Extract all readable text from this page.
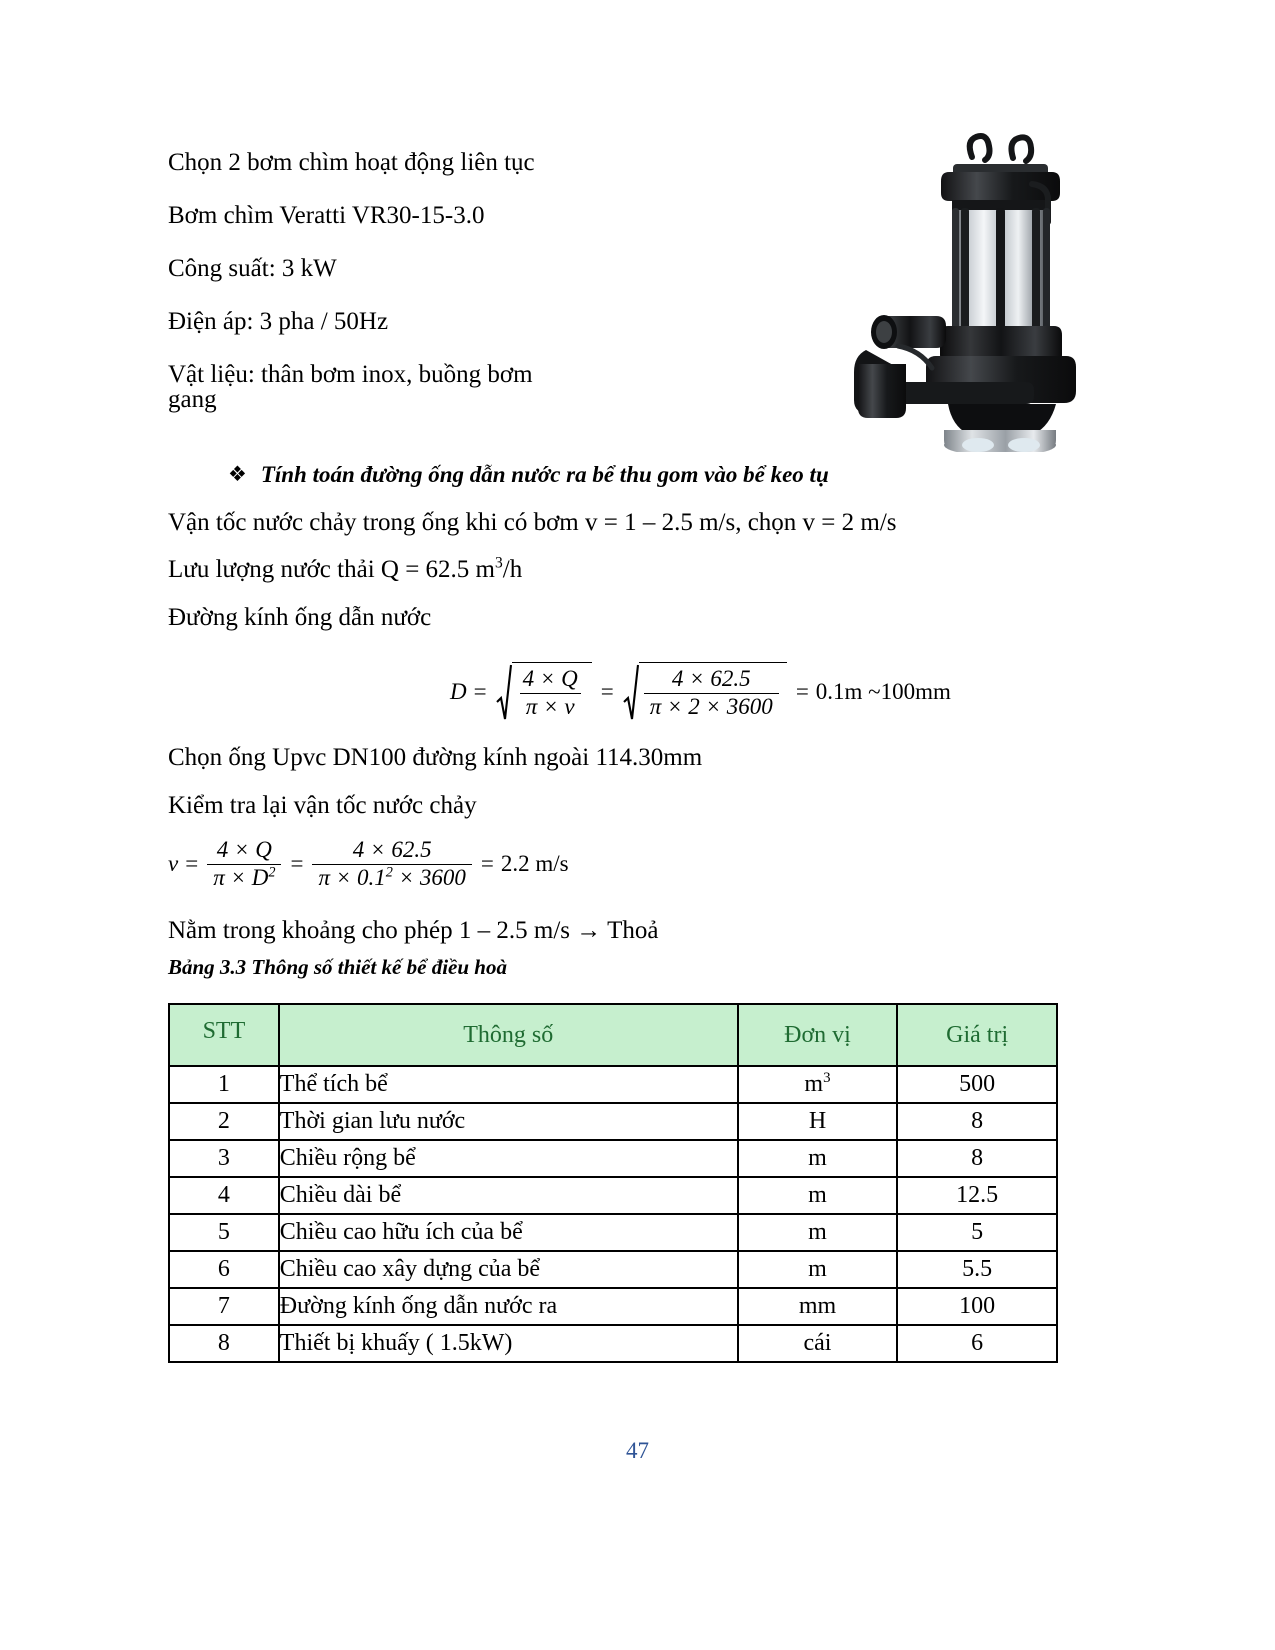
Chọn 2 bơm chìm hoạt động liên tục
Bơm chìm Veratti VR30-15-3.0
Công suất: 3 kW
Điện áp: 3 pha / 50Hz
Vật liệu: thân bơm inox, buồng bơm
gang
❖ Tính toán đường ống dẫn nước ra bể thu gom vào bể keo tụ
Vận tốc nước chảy trong ống khi có bơm v = 1 – 2.5 m/s, chọn v = 2 m/s
Lưu lượng nước thải Q = 62.5 $m^3/h$
Đường kính ống dẫn nước
$D = \frac{4 \times Q}{\pi \times v} = \frac{4 \times 62.5}{\pi \times 2 \times 3600} = 0.1m$ ~100mm
Chọn ống Upvc DN100 đường kính ngoài 114.30mm
Kiểm tra lại vận tốc nước chảy
$v = \frac{4 \times Q}{\pi \times D^2} = \frac{4 \times 62.5}{\pi \times 0.1^2 \times 3600} = 2.2$ m/s
Nằm trong khoảng cho phép 1 – 2.5 m/s → Thoả
Bảng 3.3 Thông số thiết kế bể điều hoà
STT	Thông số	Đơn vị	Giá trị
1	Thể tích bể	$m^3$	500
2	Thời gian lưu nước	H	8
3	Chiều rộng bể	m	8
4	Chiều dài bể	m	12.5
5	Chiều cao hữu ích của bể	m	5
6	Chiều cao xây dựng của bể	m	5.5
7	Đường kính ống dẫn nước ra	mm	100
8	Thiết bị khuấy ( 1.5kW)	cái	6
47
